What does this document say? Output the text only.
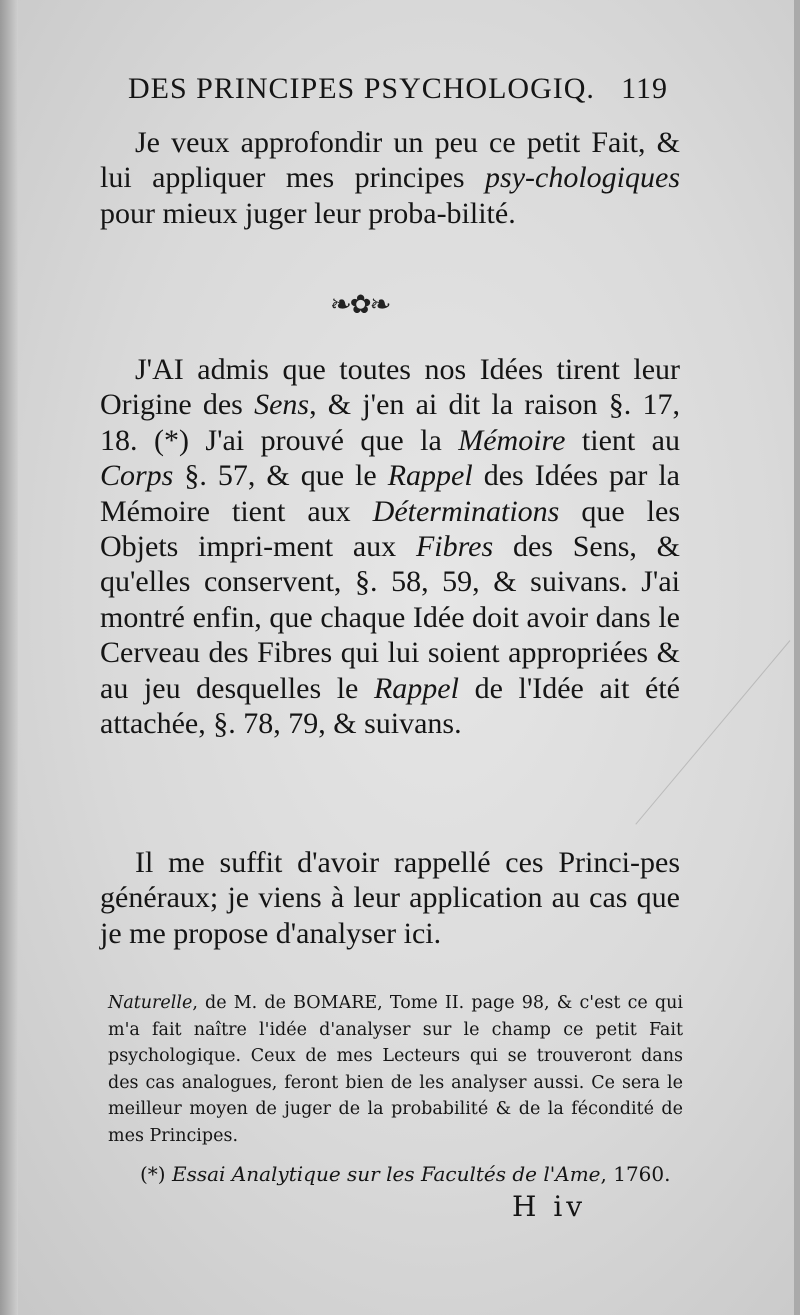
DES PRINCIPES PSYCHOLOGIQ. 119

Je veux approfondir un peu ce petit Fait, & lui appliquer mes principes psy-chologiques pour mieux juger leur proba-bilité.

❧✿❧

J'AI admis que toutes nos Idées tirent leur Origine des Sens, & j'en ai dit la raison §. 17, 18. (*) J'ai prouvé que la Mémoire tient au Corps §. 57, & que le Rappel des Idées par la Mémoire tient aux Déterminations que les Objets impri-ment aux Fibres des Sens, & qu'elles conservent, §. 58, 59, & suivans. J'ai montré enfin, que chaque Idée doit avoir dans le Cerveau des Fibres qui lui soient appropriées & au jeu desquelles le Rappel de l'Idée ait été attachée, §. 78, 79, & suivans.

Il me suffit d'avoir rappellé ces Princi-pes généraux; je viens à leur application au cas que je me propose d'analyser ici.

Naturelle, de M. de BOMARE, Tome II. page 98, & c'est ce qui m'a fait naître l'idée d'analyser sur le champ ce petit Fait psychologique. Ceux de mes Lecteurs qui se trouveront dans des cas analogues, feront bien de les analyser aussi. Ce sera le meilleur moyen de juger de la probabilité & de la fécondité de mes Principes.
(*) Essai Analytique sur les Facultés de l'Ame, 1760.
H iv
